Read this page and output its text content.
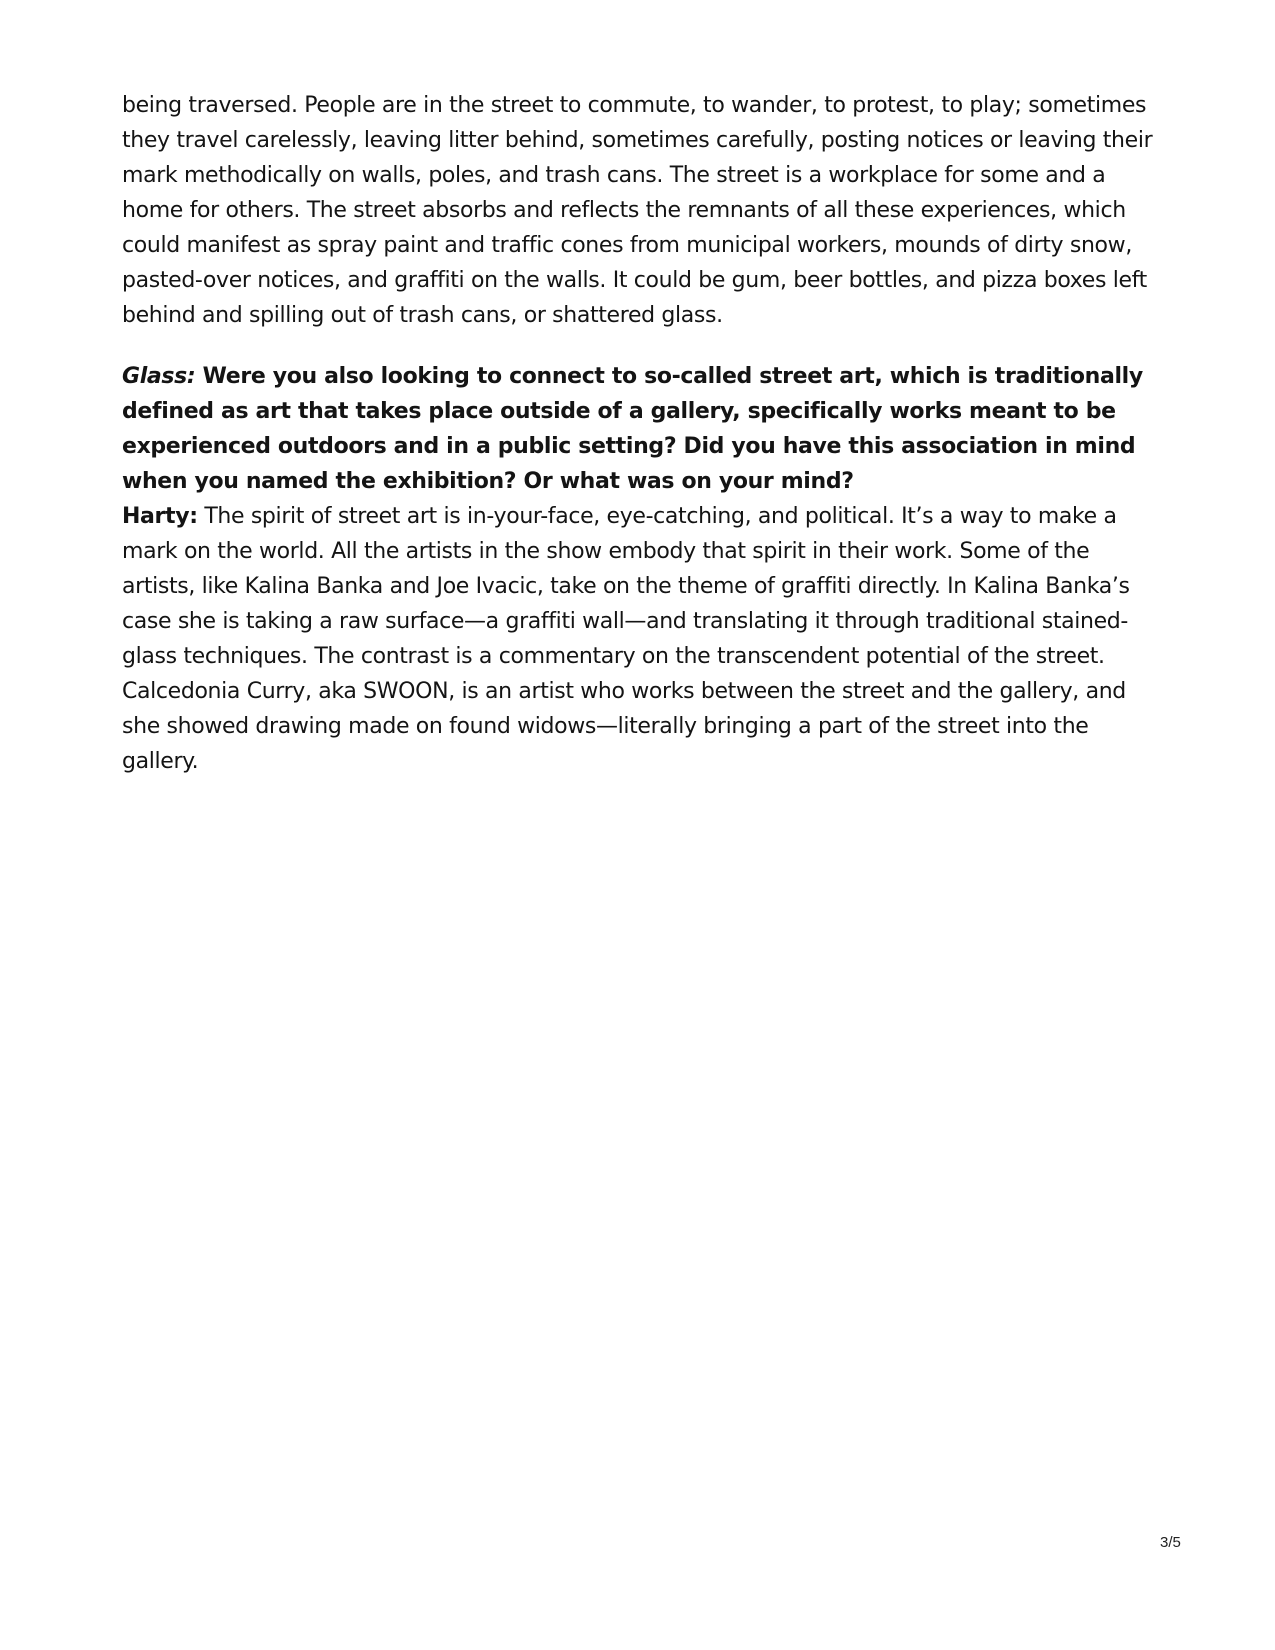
being traversed. People are in the street to commute, to wander, to protest, to play; sometimes they travel carelessly, leaving litter behind, sometimes carefully, posting notices or leaving their mark methodically on walls, poles, and trash cans. The street is a workplace for some and a home for others. The street absorbs and reflects the remnants of all these experiences, which could manifest as spray paint and traffic cones from municipal workers, mounds of dirty snow, pasted-over notices, and graffiti on the walls. It could be gum, beer bottles, and pizza boxes left behind and spilling out of trash cans, or shattered glass.

Glass: Were you also looking to connect to so-called street art, which is traditionally defined as art that takes place outside of a gallery, specifically works meant to be experienced outdoors and in a public setting? Did you have this association in mind when you named the exhibition? Or what was on your mind?

Harty: The spirit of street art is in-your-face, eye-catching, and political. It’s a way to make a mark on the world. All the artists in the show embody that spirit in their work. Some of the artists, like Kalina Banka and Joe Ivacic, take on the theme of graffiti directly. In Kalina Banka’s case she is taking a raw surface—a graffiti wall—and translating it through traditional stained-glass techniques. The contrast is a commentary on the transcendent potential of the street. Calcedonia Curry, aka SWOON, is an artist who works between the street and the gallery, and she showed drawing made on found widows—literally bringing a part of the street into the gallery.

3/5
